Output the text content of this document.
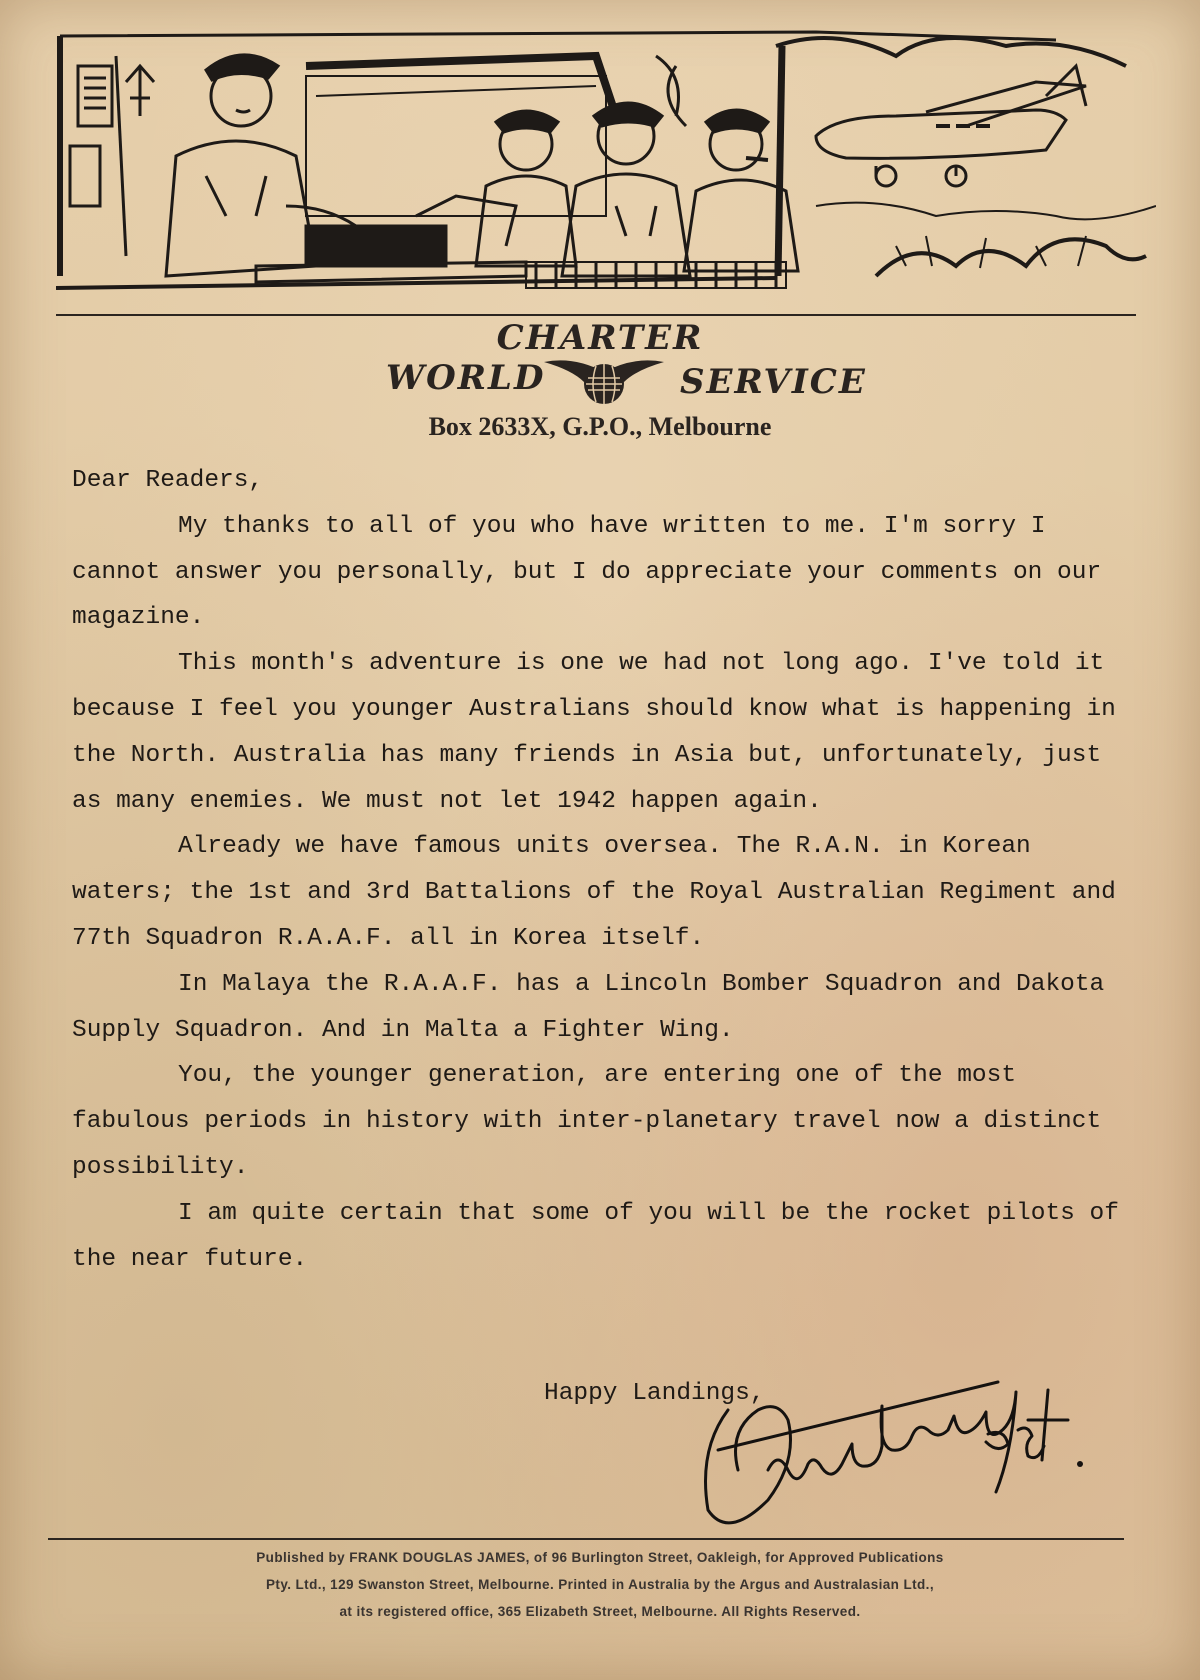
CHARTER
WORLD	SERVICE
Box 2633X, G.P.O., Melbourne

Dear Readers,

My thanks to all of you who have written to me. I'm sorry I cannot answer you personally, but I do appreciate your comments on our magazine.

This month's adventure is one we had not long ago. I've told it because I feel you younger Australians should know what is happening in the North. Australia has many friends in Asia but, unfortunately, just as many enemies. We must not let 1942 happen again.

Already we have famous units oversea. The R.A.N. in Korean waters; the 1st and 3rd Battalions of the Royal Australian Regiment and 77th Squadron R.A.A.F. all in Korea itself.

In Malaya the R.A.A.F. has a Lincoln Bomber Squadron and Dakota Supply Squadron. And in Malta a Fighter Wing.

You, the younger generation, are entering one of the most fabulous periods in history with inter-planetary travel now a distinct possibility.

I am quite certain that some of you will be the rocket pilots of the near future.

Happy Landings,
Published by FRANK DOUGLAS JAMES, of 96 Burlington Street, Oakleigh, for Approved Publications
Pty. Ltd., 129 Swanston Street, Melbourne. Printed in Australia by the Argus and Australasian Ltd.,
at its registered office, 365 Elizabeth Street, Melbourne. All Rights Reserved.
